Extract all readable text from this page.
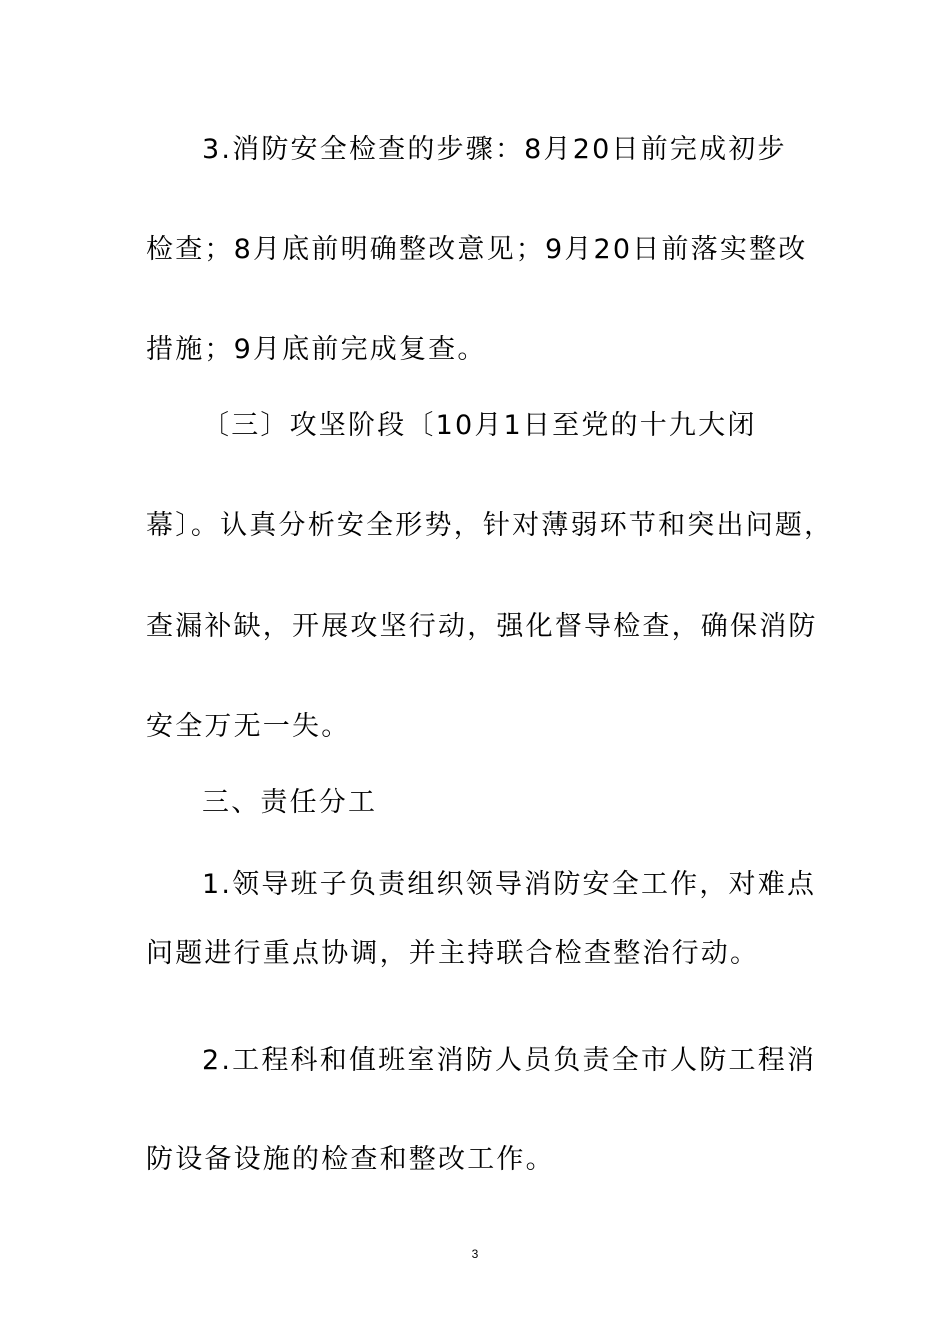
3.消防安全检查的步骤：8月20日前完成初步
检查；8月底前明确整改意见；9月20日前落实整改
措施；9月底前完成复查。
〔三〕攻坚阶段〔10月1日至党的十九大闭
幕〕。认真分析安全形势，针对薄弱环节和突出问题，
查漏补缺，开展攻坚行动，强化督导检查，确保消防
安全万无一失。
三、责任分工
1.领导班子负责组织领导消防安全工作，对难点
问题进行重点协调，并主持联合检查整治行动。
2.工程科和值班室消防人员负责全市人防工程消
防设备设施的检查和整改工作。
3
